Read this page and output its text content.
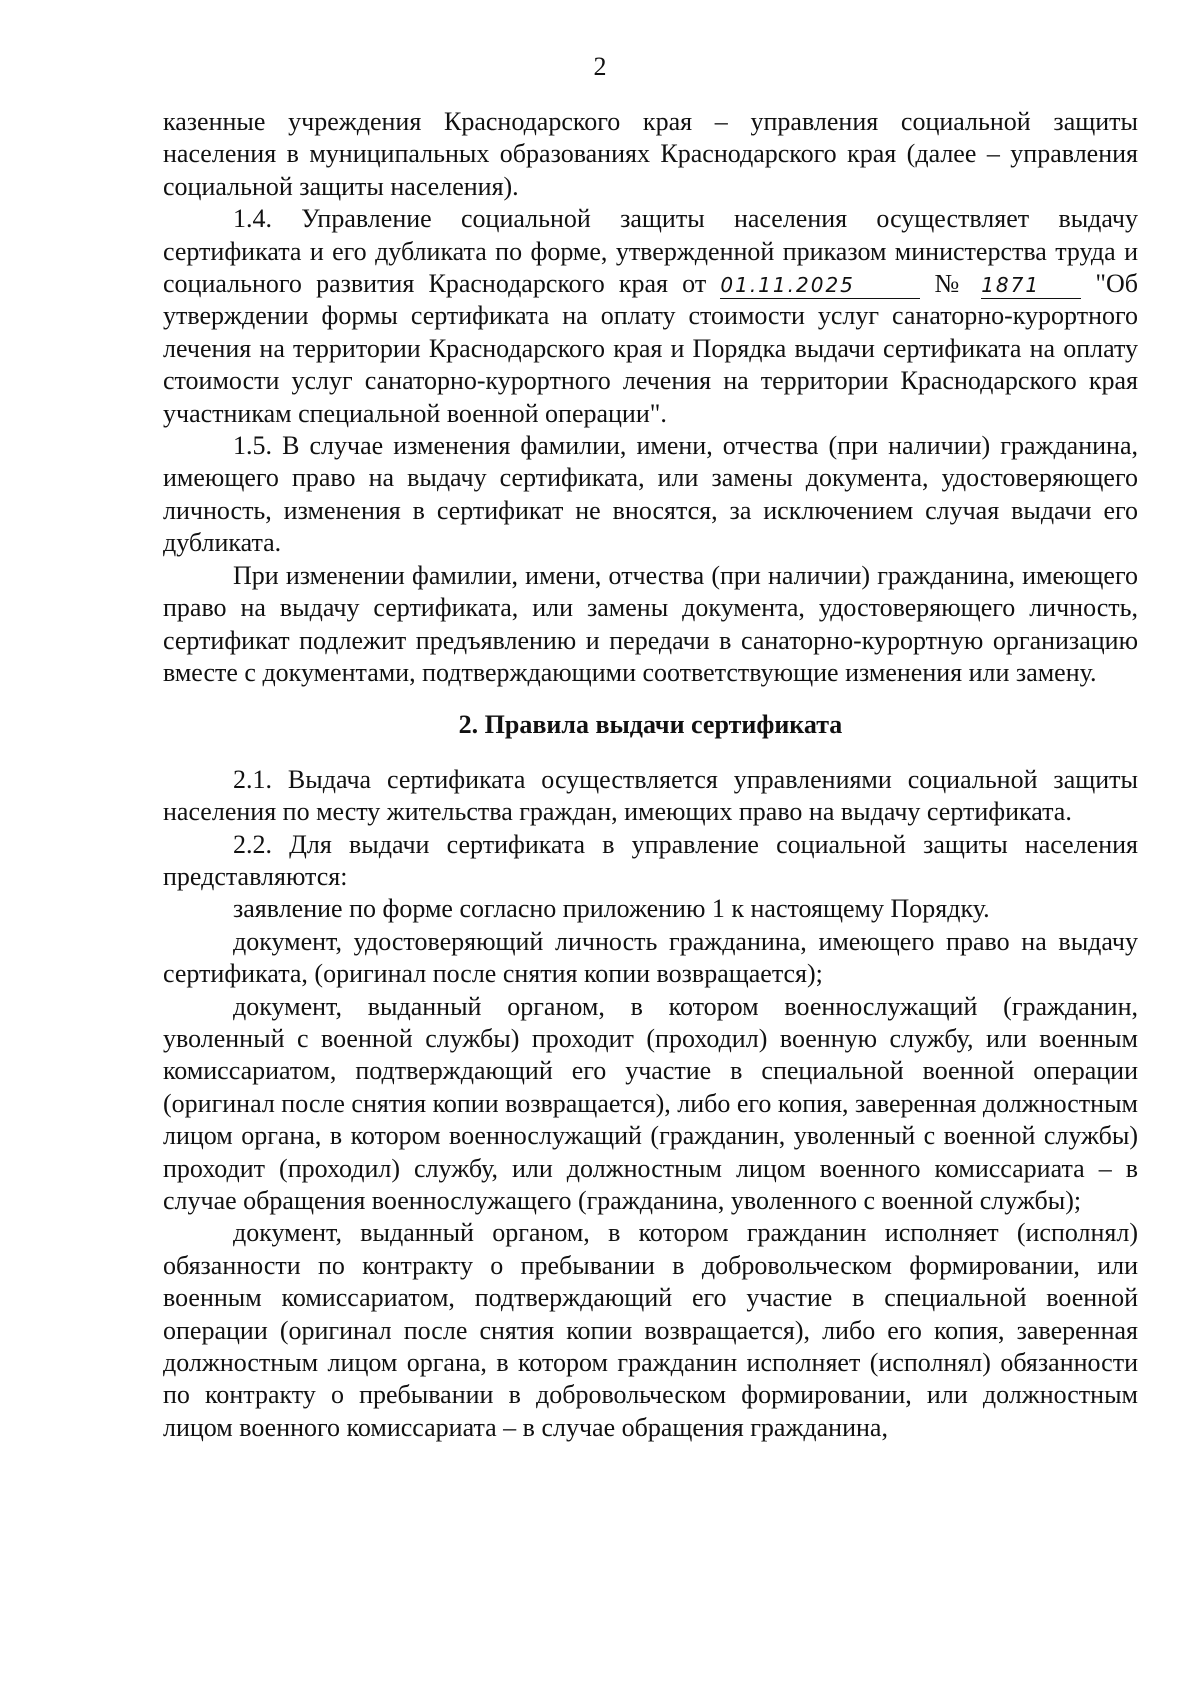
2

казенные учреждения Краснодарского края – управления социальной защиты населения в муниципальных образованиях Краснодарского края (далее – управления социальной защиты населения).

1.4. Управление социальной защиты населения осуществляет выдачу сертификата и его дубликата по форме, утвержденной приказом министерства труда и социального развития Краснодарского края от 01.11.2025	№ 1871 "Об утверждении формы сертификата на оплату стоимости услуг санаторно-курортного лечения на территории Краснодарского края и Порядка выдачи сертификата на оплату стоимости услуг санаторно-курортного лечения на территории Краснодарского края участникам специальной военной операции".

1.5. В случае изменения фамилии, имени, отчества (при наличии) гражданина, имеющего право на выдачу сертификата, или замены документа, удостоверяющего личность, изменения в сертификат не вносятся, за исключением случая выдачи его дубликата.

При изменении фамилии, имени, отчества (при наличии) гражданина, имеющего право на выдачу сертификата, или замены документа, удостоверяющего личность, сертификат подлежит предъявлению и передачи в санаторно-курортную организацию вместе с документами, подтверждающими соответствующие изменения или замену.

2. Правила выдачи сертификата

2.1. Выдача сертификата осуществляется управлениями социальной защиты населения по месту жительства граждан, имеющих право на выдачу сертификата.

2.2. Для выдачи сертификата в управление социальной защиты населения представляются:

заявление по форме согласно приложению 1 к настоящему Порядку.

документ, удостоверяющий личность гражданина, имеющего право на выдачу сертификата, (оригинал после снятия копии возвращается);

документ, выданный органом, в котором военнослужащий (гражданин, уволенный с военной службы) проходит (проходил) военную службу, или военным комиссариатом, подтверждающий его участие в специальной военной операции (оригинал после снятия копии возвращается), либо его копия, заверенная должностным лицом органа, в котором военнослужащий (гражданин, уволенный с военной службы) проходит (проходил) службу, или должностным лицом военного комиссариата – в случае обращения военнослужащего (гражданина, уволенного с военной службы);

документ, выданный органом, в котором гражданин исполняет (исполнял) обязанности по контракту о пребывании в добровольческом формировании, или военным комиссариатом, подтверждающий его участие в специальной военной операции (оригинал после снятия копии возвращается), либо его копия, заверенная должностным лицом органа, в котором гражданин исполняет (исполнял) обязанности по контракту о пребывании в добровольческом формировании, или должностным лицом военного комиссариата – в случае обращения гражданина,
